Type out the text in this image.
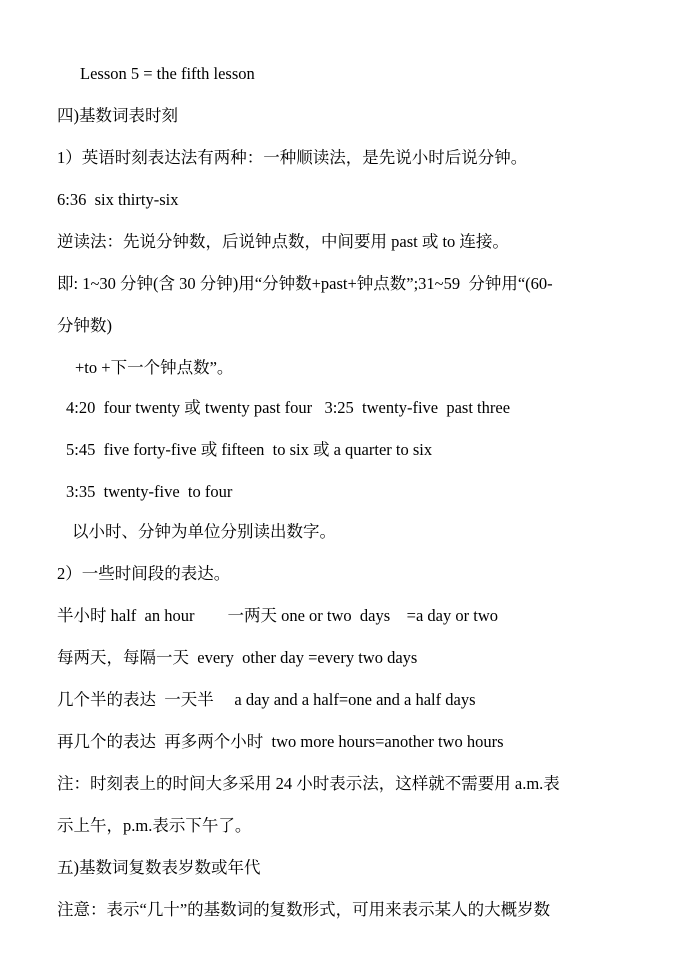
Lesson 5 = the fifth lesson
四)基数词表时刻
1）英语时刻表达法有两种：一种顺读法，是先说小时后说分钟。
6:36  six thirty-six
逆读法：先说分钟数，后说钟点数，中间要用 past 或 to 连接。
即: 1~30 分钟(含 30 分钟)用“分钟数+past+钟点数”;31~59  分钟用“(60-
分钟数)
+to +下一个钟点数”。
4:20  four twenty 或 twenty past four   3:25  twenty-five  past three
5:45  five forty-five 或 fifteen  to six 或 a quarter to six
3:35  twenty-five  to four
以小时、分钟为单位分别读出数字。
2）一些时间段的表达。
半小时 half  an hour        一两天 one or two  days    =a day or two
每两天，每隔一天  every  other day =every two days
几个半的表达  一天半     a day and a half=one and a half days
再几个的表达  再多两个小时  two more hours=another two hours
注：时刻表上的时间大多采用 24 小时表示法，这样就不需要用 a.m.表
示上午，p.m.表示下午了。
五)基数词复数表岁数或年代
注意：表示“几十”的基数词的复数形式，可用来表示某人的大概岁数
